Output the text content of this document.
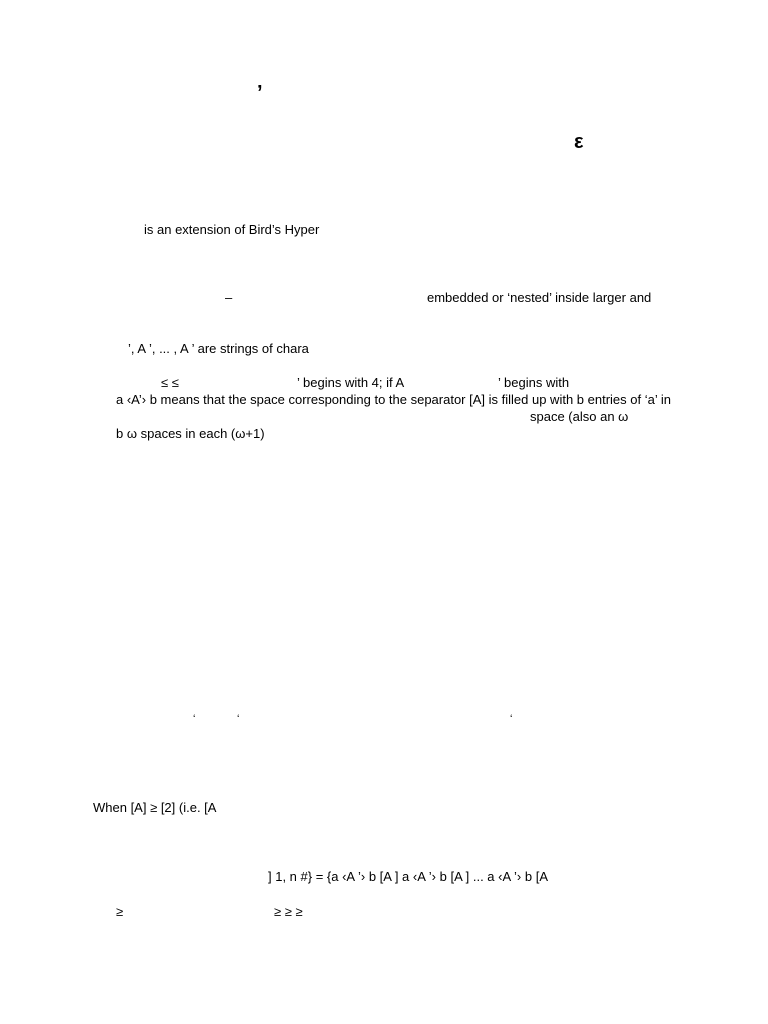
’
ε
is an extension of Bird’s Hyper
–	embedded or ‘nested’ inside larger and
’, A ’, ... , A ’ are strings of chara
≤ ≤	’ begins with 4; if A	’ begins with
a ‹A’› b means that the space corresponding to the separator [A] is filled up with b entries of ‘a’ in
space (also an ω
b ω spaces in each (ω+1)
‘	‘	‘
When [A] ≥ [2] (i.e. [A
] 1, n #} = {a ‹A ’› b [A ] a ‹A ’› b [A ] ... a ‹A ’› b [A
≥	≥ ≥ ≥
